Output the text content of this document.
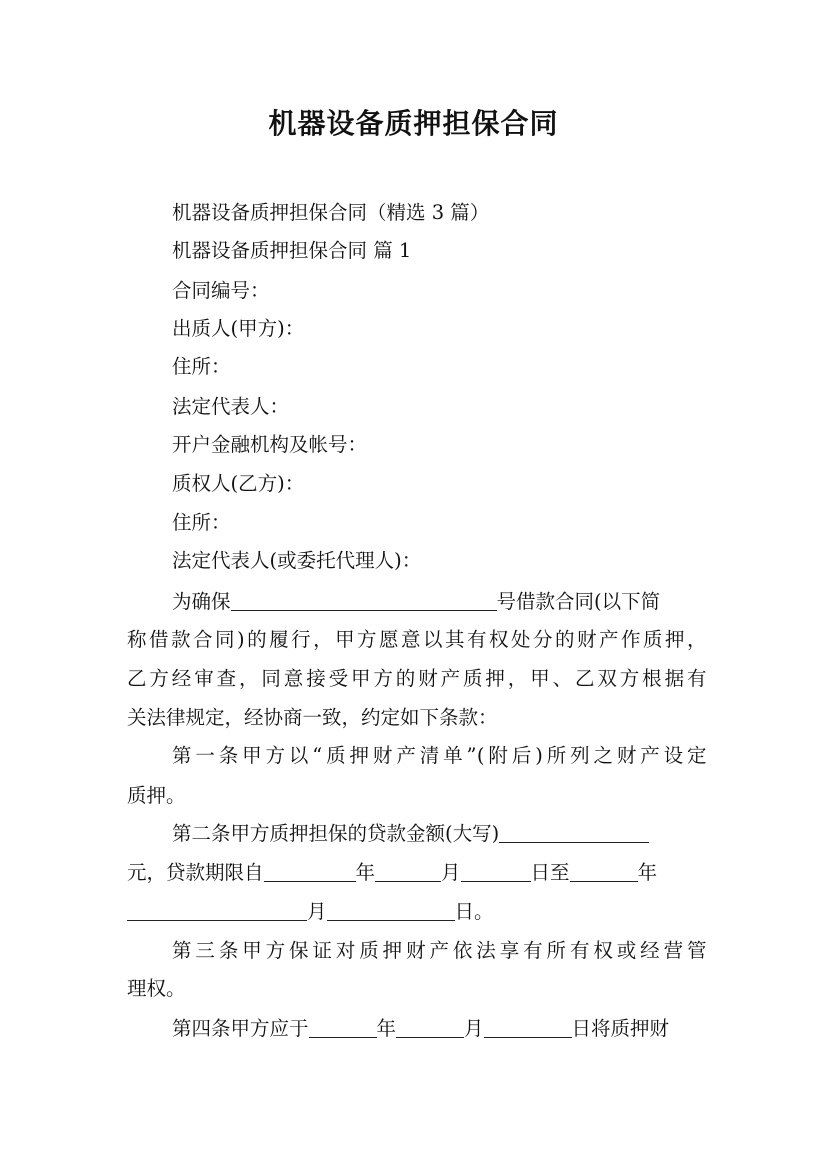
机器设备质押担保合同

机器设备质押担保合同（精选 3 篇）

机器设备质押担保合同 篇 1

合同编号：

出质人(甲方)：

住所：

法定代表人：

开户金融机构及帐号：

质权人(乙方)：

住所：

法定代表人(或委托代理人)：

为确保	号借款合同(以下简

称借款合同)的履行，甲方愿意以其有权处分的财产作质押，

乙方经审查，同意接受甲方的财产质押，甲、乙双方根据有

关法律规定，经协商一致，约定如下条款：

第一条甲方以“质押财产清单”(附后)所列之财产设定

质押。

第二条甲方质押担保的贷款金额(大写)

元，贷款期限自	年	月	日至	年

月	日。

第三条甲方保证对质押财产依法享有所有权或经营管

理权。

第四条甲方应于	年	月	日将质押财
